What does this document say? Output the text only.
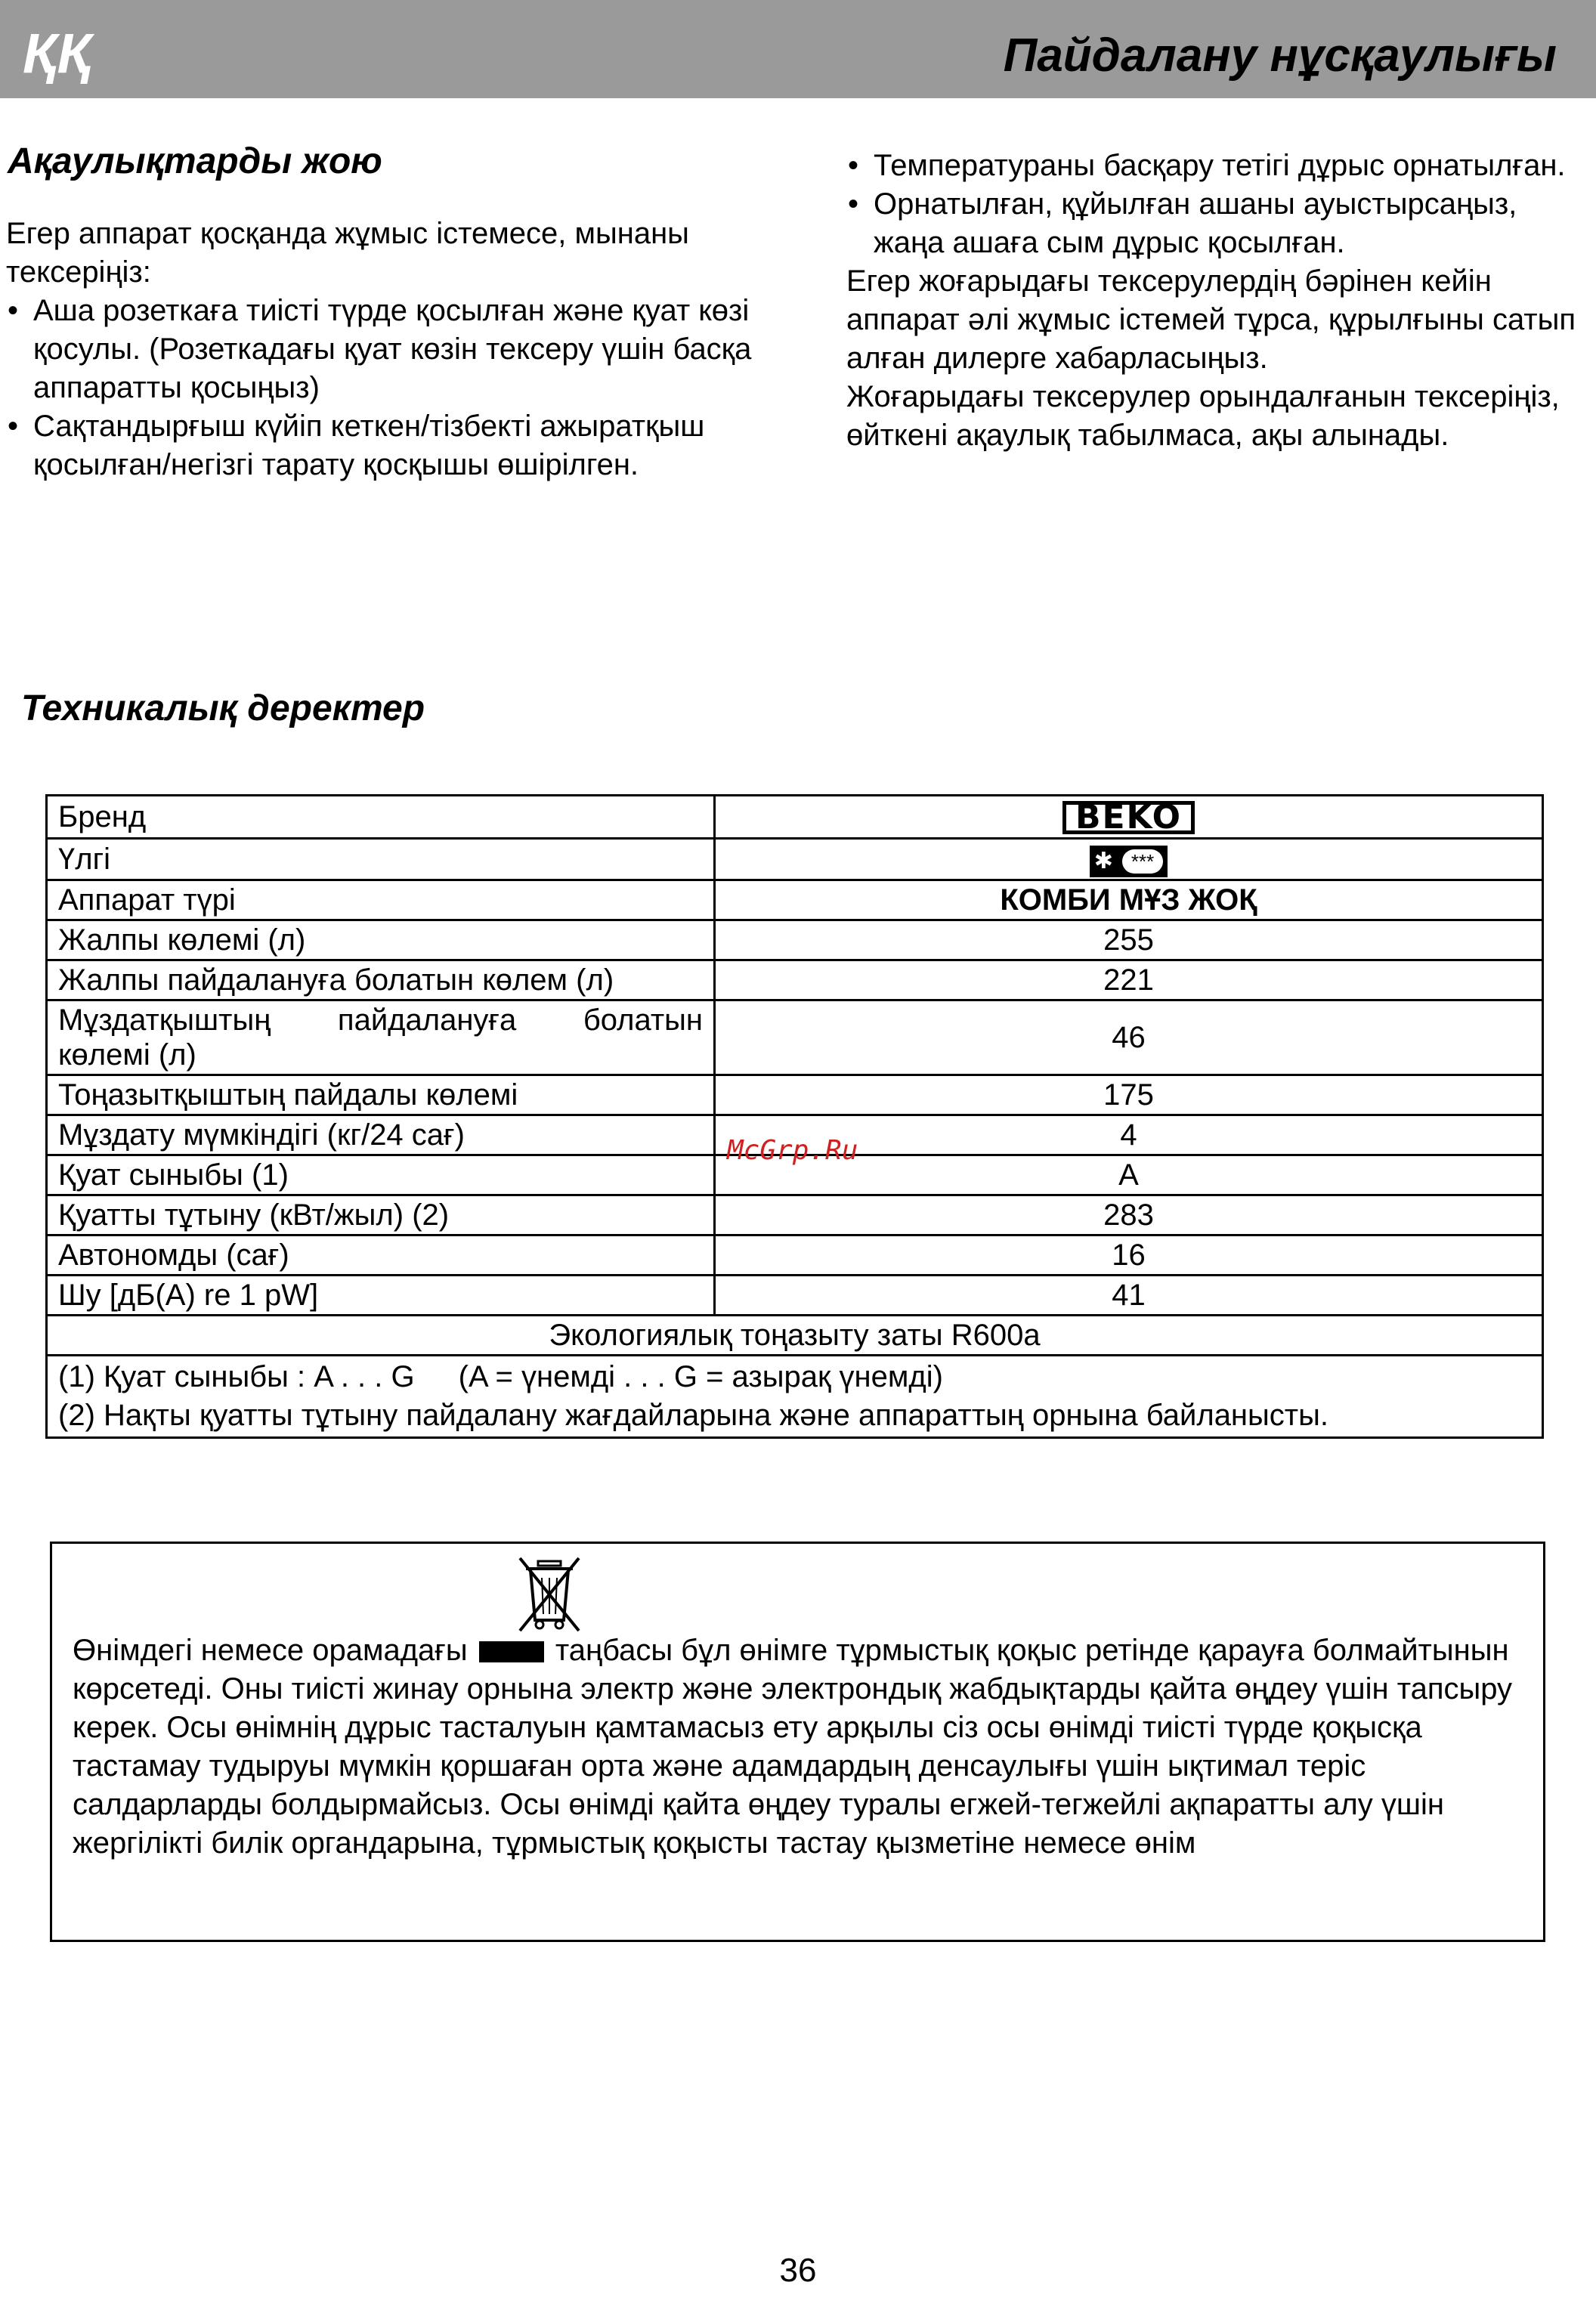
ҚҚ	Пайдалану нұсқаулығы
Ақаулықтарды жою

Егер аппарат қосқанда жұмыс істемесе, мынаны тексеріңіз:

• Аша розеткаға тиісті түрде қосылған және қуат көзі қосулы. (Розеткадағы қуат көзін тексеру үшін басқа аппаратты қосыңыз)
• Сақтандырғыш күйіп кеткен/тізбекті ажыратқыш қосылған/негізгі тарату қосқышы өшірілген.
• Температураны басқару тетігі дұрыс орнатылған.
• Орнатылған, құйылған ашаны ауыстырсаңыз, жаңа ашаға сым дұрыс қосылған.

Егер жоғарыдағы тексерулердің бәрінен кейін аппарат әлі жұмыс істемей тұрса, құрылғыны сатып алған дилерге хабарласыңыз.

Жоғарыдағы тексерулер орындалғанын тексеріңіз, өйткені ақаулық табылмаса, ақы алынады.

Техникалық деректер
Бренд	BEKO
Үлгі	✱ ***
Аппарат түрі	КОМБИ МҰЗ ЖОҚ
Жалпы көлемі (л)	255
Жалпы пайдалануға болатын көлем (л)	221

Мұздатқыштың пайдалануға болатын
көлемі (л)	46
Тоңазытқыштың пайдалы көлемі	175
Мұздату мүмкіндігі (кг/24 сағ)	4
Қуат сыныбы (1)	A
Қуатты тұтыну (кВт/жыл) (2)	283
Автономды (сағ)	16
Шу [дБ(A) re 1 pW]	41
Экологиялық тоңазыту заты R600a	

(1) Қуат сыныбы : A . . . G (A = үнемді . . . G = азырақ үнемді)
(2) Нақты қуатты тұтыну пайдалану жағдайларына және аппараттың орнына байланысты.	
McGrp.Ru
Өнімдегі немесе орамадағы	таңбасы бұл өнімге тұрмыстық қоқыс ретінде қарауға болмайтынын көрсетеді. Оны тиісті жинау орнына электр және электрондық жабдықтарды қайта өңдеу үшін тапсыру керек. Осы өнімнің дұрыс тасталуын қамтамасыз ету арқылы сіз осы өнімді тиісті түрде қоқысқа тастамау тудыруы мүмкін қоршаған орта және адамдардың денсаулығы үшін ықтимал теріс салдарларды болдырмайсыз. Осы өнімді қайта өңдеу туралы егжей-тегжейлі ақпаратты алу үшін жергілікті билік органдарына, тұрмыстық қоқысты тастау қызметіне немесе өнім
36
